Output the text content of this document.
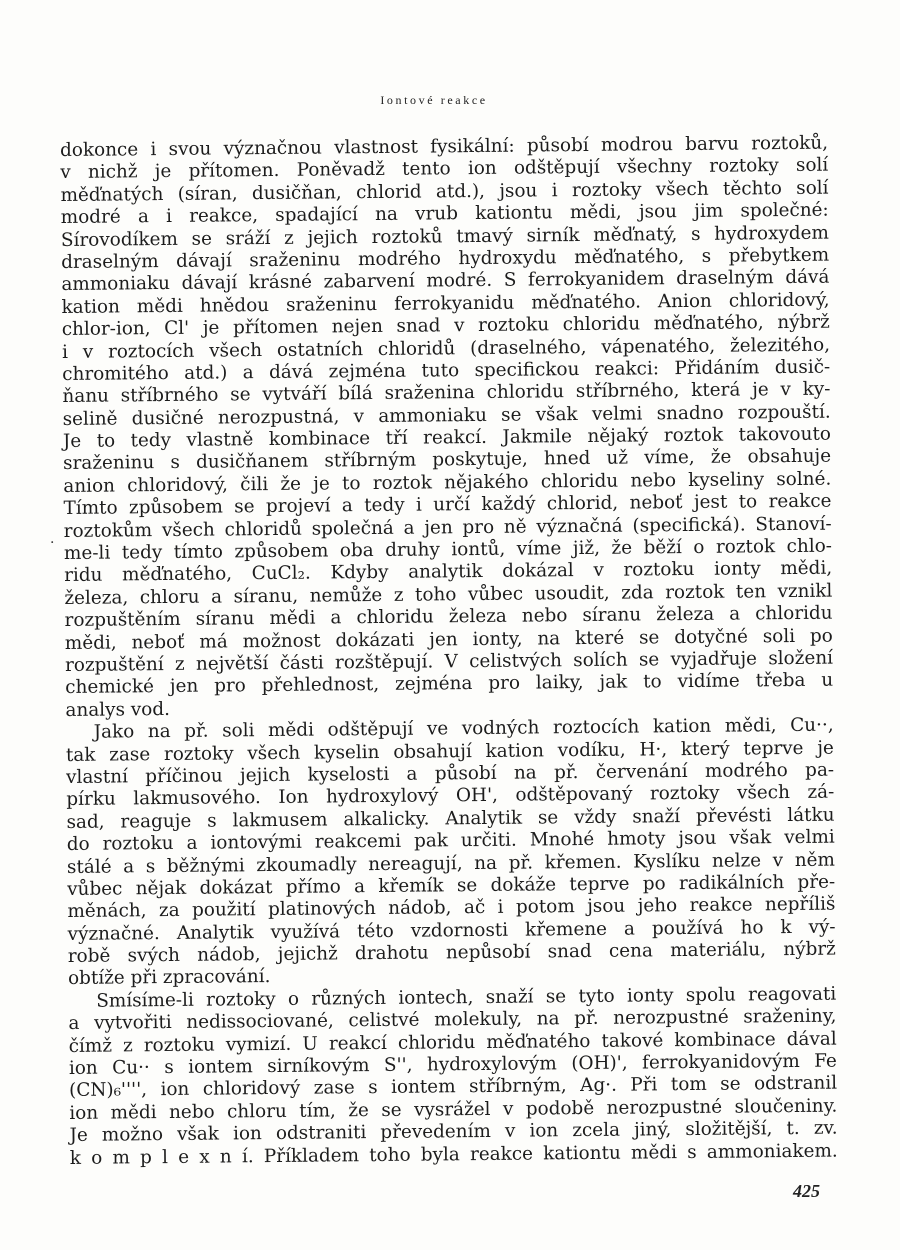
Iontové reakce
·
dokonce i svou význačnou vlastnost fysikální: působí modrou barvu roztoků,
v nichž je přítomen. Poněvadž tento ion odštěpují všechny roztoky solí
měďnatých (síran, dusičňan, chlorid atd.), jsou i roztoky všech těchto solí
modré a i reakce, spadající na vrub kationtu mědi, jsou jim společné:
Sírovodíkem se sráží z jejich roztoků tmavý sirník měďnatý, s hydroxydem
draselným dávají sraženinu modrého hydroxydu měďnatého, s přebytkem
ammoniaku dávají krásné zabarvení modré. S ferrokyanidem draselným dává
kation mědi hnědou sraženinu ferrokyanidu měďnatého. Anion chloridový,
chlor-ion, Cl' je přítomen nejen snad v roztoku chloridu měďnatého, nýbrž
i v roztocích všech ostatních chloridů (draselného, vápenatého, železitého,
chromitého atd.) a dává zejména tuto specifickou reakci: Přidáním dusič-
ňanu stříbrného se vytváří bílá sraženina chloridu stříbrného, která je v ky-
selině dusičné nerozpustná, v ammoniaku se však velmi snadno rozpouští.
Je to tedy vlastně kombinace tří reakcí. Jakmile nějaký roztok takovouto
sraženinu s dusičňanem stříbrným poskytuje, hned už víme, že obsahuje
anion chloridový, čili že je to roztok nějakého chloridu nebo kyseliny solné.
Tímto způsobem se projeví a tedy i určí každý chlorid, neboť jest to reakce
roztokům všech chloridů společná a jen pro ně význačná (specifická). Stanoví-
me-li tedy tímto způsobem oba druhy iontů, víme již, že běží o roztok chlo-
ridu měďnatého, CuCl₂. Kdyby analytik dokázal v roztoku ionty mědi,
železa, chloru a síranu, nemůže z toho vůbec usoudit, zda roztok ten vznikl
rozpuštěním síranu mědi a chloridu železa nebo síranu železa a chloridu
mědi, neboť má možnost dokázati jen ionty, na které se dotyčné soli po
rozpuštění z největší části rozštěpují. V celistvých solích se vyjadřuje složení
chemické jen pro přehlednost, zejména pro laiky, jak to vidíme třeba u
analys vod.
Jako na př. soli mědi odštěpují ve vodných roztocích kation mědi, Cu··,
tak zase roztoky všech kyselin obsahují kation vodíku, H·, který teprve je
vlastní příčinou jejich kyselosti a působí na př. červenání modrého pa-
pírku lakmusového. Ion hydroxylový OH', odštěpovaný roztoky všech zá-
sad, reaguje s lakmusem alkalicky. Analytik se vždy snaží převésti látku
do roztoku a iontovými reakcemi pak určiti. Mnohé hmoty jsou však velmi
stálé a s běžnými zkoumadly nereagují, na př. křemen. Kyslíku nelze v něm
vůbec nějak dokázat přímo a křemík se dokáže teprve po radikálních pře-
měnách, za použití platinových nádob, ač i potom jsou jeho reakce nepříliš
význačné. Analytik využívá této vzdornosti křemene a používá ho k vý-
robě svých nádob, jejichž drahotu nepůsobí snad cena materiálu, nýbrž
obtíže při zpracování.
Smísíme-li roztoky o různých iontech, snaží se tyto ionty spolu reagovati
a vytvořiti nedissociované, celistvé molekuly, na př. nerozpustné sraženiny,
čímž z roztoku vymizí. U reakcí chloridu měďnatého takové kombinace dával
ion Cu·· s iontem sirníkovým S'', hydroxylovým (OH)', ferrokyanidovým Fe
(CN)₆'''', ion chloridový zase s iontem stříbrným, Ag·. Při tom se odstranil
ion mědi nebo chloru tím, že se vysrážel v podobě nerozpustné sloučeniny.
Je možno však ion odstraniti převedením v ion zcela jiný, složitější, t. zv.
k o m p l e x n í. Příkladem toho byla reakce kationtu mědi s ammoniakem.
425
